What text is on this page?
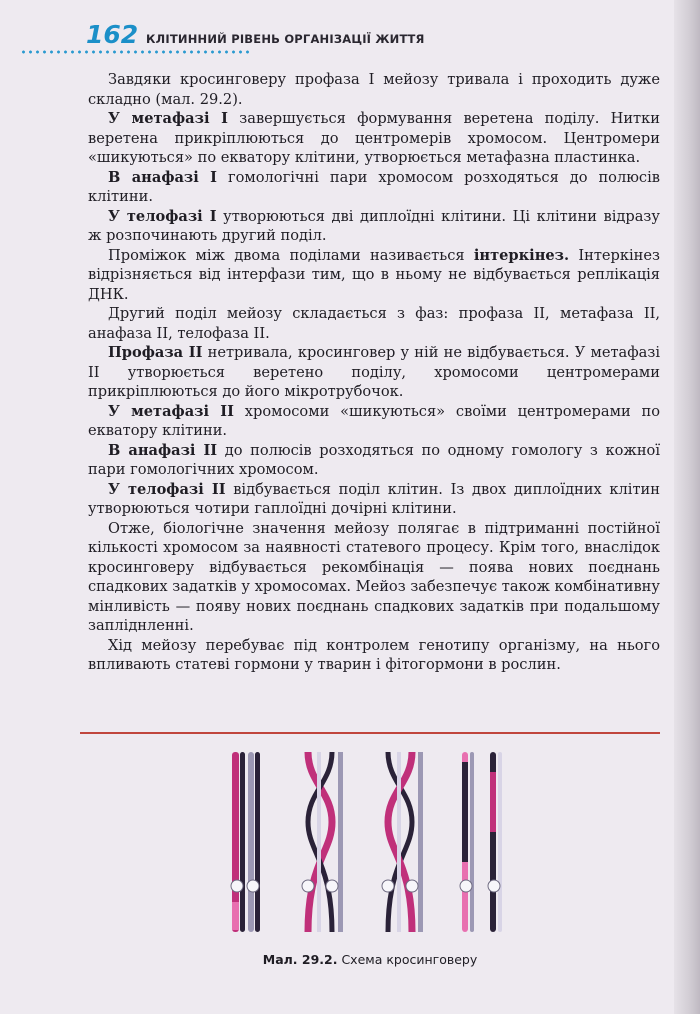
162 КЛІТИННИЙ РІВЕНЬ ОРГАНІЗАЦІЇ ЖИТТЯ

Завдяки кросинговеру профаза I мейозу тривала і проходить дуже складно (мал. 29.2).

У метафазі I завершується формування веретена поділу. Нитки веретена прикріплюються до центромерів хромосом. Центромери «шикуються» по екватору клітини, утворюється метафазна пластинка.

В анафазі I гомологічні пари хромосом розходяться до полюсів клітини.

У телофазі I утворюються дві диплоїдні клітини. Ці клітини відразу ж розпочинають другий поділ.

Проміжок між двома поділами називається інтеркінез. Інтеркінез відрізняється від інтерфази тим, що в ньому не відбувається реплікація ДНК.

Другий поділ мейозу складається з фаз: профаза II, метафаза II, анафаза II, телофаза II.

Профаза II нетривала, кросинговер у ній не відбувається. У метафазі II утворюється веретено поділу, хромосоми центромерами прикріплюються до його мікротрубочок.

У метафазі II хромосоми «шикуються» своїми центромерами по екватору клітини.

В анафазі II до полюсів розходяться по одному гомологу з кожної пари гомологічних хромосом.

У телофазі II відбувається поділ клітин. Із двох диплоїдних клітин утворюються чотири гаплоїдні дочірні клітини.

Отже, біологічне значення мейозу полягає в підтриманні постійної кількості хромосом за наявності статевого процесу. Крім того, внаслідок кросинговеру відбувається рекомбінація — поява нових поєднань спадкових задатків у хромосомах. Мейоз забезпечує також комбінативну мінливість — появу нових поєднань спадкових задатків при подальшому запліднленні.

Хід мейозу перебуває під контролем генотипу організму, на нього впливають статеві гормони у тварин і фітогормони в рослин.

Мал. 29.2. Схема кросинговеру
